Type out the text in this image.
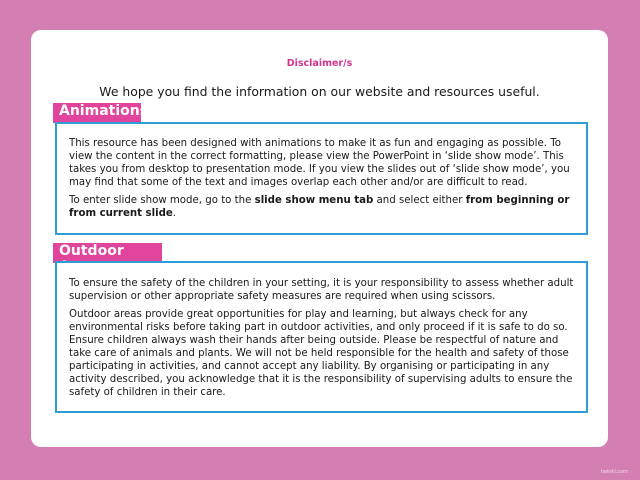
Disclaimer/s

We hope you find the information on our website and resources useful.

Animations

This resource has been designed with animations to make it as fun and engaging as possible. To view the content in the correct formatting, please view the PowerPoint in ‘slide show mode’. This takes you from desktop to presentation mode. If you view the slides out of ‘slide show mode’, you may find that some of the text and images overlap each other and/or are difficult to read.

To enter slide show mode, go to the slide show menu tab and select either from beginning or from current slide.

Outdoor

To ensure the safety of the children in your setting, it is your responsibility to assess whether adult supervision or other appropriate safety measures are required when using scissors.

Outdoor areas provide great opportunities for play and learning, but always check for any environmental risks before taking part in outdoor activities, and only proceed if it is safe to do so. Ensure children always wash their hands after being outside. Please be respectful of nature and take care of animals and plants. We will not be held responsible for the health and safety of those participating in activities, and cannot accept any liability. By organising or participating in any activity described, you acknowledge that it is the responsibility of supervising adults to ensure the safety of children in their care.

twinkl.com
